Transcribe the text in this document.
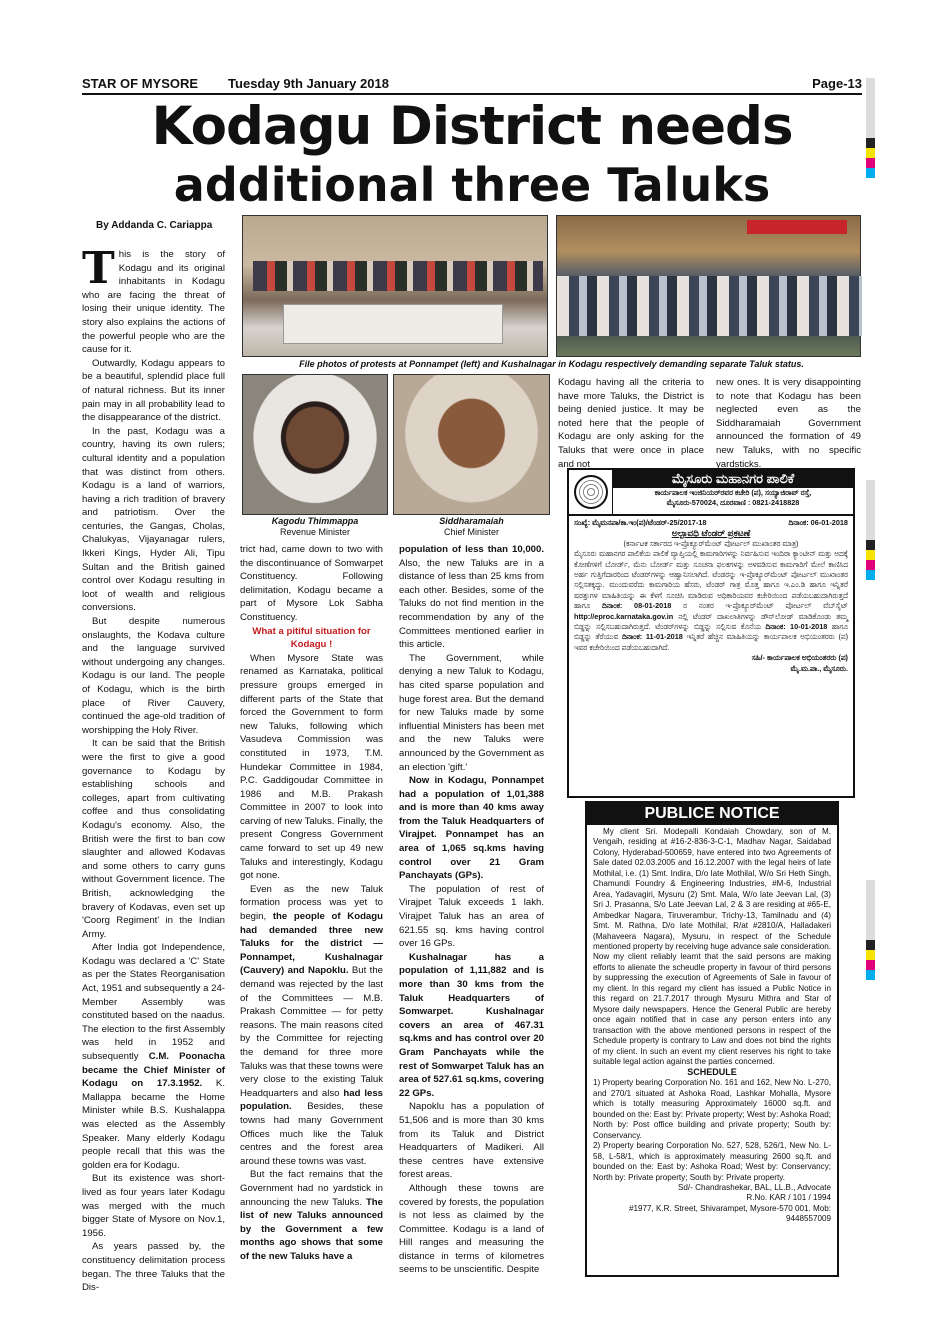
STAR OF MYSORE Tuesday 9th January 2018	Page-13
Kodagu District needs
additional three Taluks
By Addanda C. Cariappa

This is the story of Kodagu and its original inhabitants in Kodagu who are facing the threat of losing their unique identity. The story also explains the actions of the powerful people who are the cause for it.

Outwardly, Kodagu appears to be a beautiful, splendid place full of natural richness. But its inner pain may in all probability lead to the disappearance of the district.

In the past, Kodagu was a country, having its own rulers; cultural identity and a population that was distinct from others. Kodagu is a land of warriors, having a rich tradition of bravery and patriotism. Over the centuries, the Gangas, Cholas, Chalukyas, Vijayanagar rulers, Ikkeri Kings, Hyder Ali, Tipu Sultan and the British gained control over Kodagu resulting in loot of wealth and religious conversions.

But despite numerous onslaughts, the Kodava culture and the language survived without undergoing any changes. Kodagu is our land. The people of Kodagu, which is the birth place of River Cauvery, continued the age-old tradition of worshipping the Holy River.

It can be said that the British were the first to give a good governance to Kodagu by establishing schools and colleges, apart from cultivating coffee and thus consolidating Kodagu's economy. Also, the British were the first to ban cow slaughter and allowed Kodavas and some others to carry guns without Government licence. The British, acknowledging the bravery of Kodavas, even set up 'Coorg Regiment' in the Indian Army.

After India got Independence, Kodagu was declared a 'C' State as per the States Reorganisation Act, 1951 and subsequently a 24-Member Assembly was constituted based on the naadus. The election to the first Assembly was held in 1952 and subsequently C.M. Poonacha became the Chief Minister of Kodagu on 17.3.1952. K. Mallappa became the Home Minister while B.S. Kushalappa was elected as the Assembly Speaker. Many elderly Kodagu people recall that this was the golden era for Kodagu.

But its existence was short-lived as four years later Kodagu was merged with the much bigger State of Mysore on Nov.1, 1956.

As years passed by, the constituency delimitation process began. The three Taluks that the Dis-

File photos of protests at Ponnampet (left) and Kushalnagar in Kodagu respectively demanding separate Taluk status.
Kagodu Thimmappa
Revenue Minister
Siddharamaiah
Chief Minister

trict had, came down to two with the discontinuance of Somwarpet Constituency. Following delimitation, Kodagu became a part of Mysore Lok Sabha Constituency.

What a pitiful situation for Kodagu !

When Mysore State was renamed as Karnataka, political pressure groups emerged in different parts of the State that forced the Government to form new Taluks, following which Vasudeva Commission was constituted in 1973, T.M. Hundekar Committee in 1984, P.C. Gaddigoudar Committee in 1986 and M.B. Prakash Committee in 2007 to look into carving of new Taluks. Finally, the present Congress Government came forward to set up 49 new Taluks and interestingly, Kodagu got none.

Even as the new Taluk formation process was yet to begin, the people of Kodagu had demanded three new Taluks for the district — Ponnampet, Kushalnagar (Cauvery) and Napoklu. But the demand was rejected by the last of the Committees — M.B. Prakash Committee — for petty reasons. The main reasons cited by the Committee for rejecting the demand for three more Taluks was that these towns were very close to the existing Taluk Headquarters and also had less population. Besides, these towns had many Government Offices much like the Taluk centres and the forest area around these towns was vast.

But the fact remains that the Government had no yardstick in announcing the new Taluks. The list of new Taluks announced by the Government a few months ago shows that some of the new Taluks have a

population of less than 10,000. Also, the new Taluks are in a distance of less than 25 kms from each other. Besides, some of the Taluks do not find mention in the recommendation by any of the Committees mentioned earlier in this article.

The Government, while denying a new Taluk to Kodagu, has cited sparse population and huge forest area. But the demand for new Taluks made by some influential Ministers has been met and the new Taluks were announced by the Government as an election 'gift.'

Now in Kodagu, Ponnampet had a population of 1,01,388 and is more than 40 kms away from the Taluk Headquarters of Virajpet. Ponnampet has an area of 1,065 sq.kms having control over 21 Gram Panchayats (GPs).

The population of rest of Virajpet Taluk exceeds 1 lakh. Virajpet Taluk has an area of 621.55 sq. kms having control over 16 GPs.

Kushalnagar has a population of 1,11,882 and is more than 30 kms from the Taluk Headquarters of Somwarpet. Kushalnagar covers an area of 467.31 sq.kms and has control over 20 Gram Panchayats while the rest of Somwarpet Taluk has an area of 527.61 sq.kms, covering 22 GPs.

Napoklu has a population of 51,506 and is more than 30 kms from its Taluk and District Headquarters of Madikeri. All these centres have extensive forest areas.

Although these towns are covered by forests, the population is not less as claimed by the Committee. Kodagu is a land of Hill ranges and measuring the distance in terms of kilometres seems to be unscientific. Despite

Kodagu having all the criteria to have more Taluks, the District is being denied justice. It may be noted here that the people of Kodagu are only asking for the Taluks that were once in place and not

new ones. It is very disappointing to note that Kodagu has been neglected even as the Siddharamaiah Government announced the formation of 49 new Taluks, with no specific yardsticks.

ಮೈಸೂರು ಮಹಾನಗರ ಪಾಲಿಕೆ
ಕಾರ್ಯಪಾಲಕ ಇಂಜಿನಿಯರ್‌ರವರ ಕಚೇರಿ (ಪ), ಸಯ್ಯಾಜಿರಾವ್ ರಸ್ತೆ,
ಮೈಸೂರು-570024, ದೂರವಾಣಿ : 0821-2418828
ಸಂಖ್ಯೆ: ಮೈಮನಪಾ/ಕಾ.ಇಂ(ಪ)/ಟೆಂಡರ್-25/2017-18	ದಿನಾಂಕ: 06-01-2018
ಅಲ್ಪಾವಧಿ ಟೆಂಡರ್ ಪ್ರಕಟಣೆ
(ಕರ್ನಾಟಕ ಸರ್ಕಾರದ ಇ-ಪ್ರೊಕ್ಯೂರ್‌ಮೆಂಟ್ ಪೋರ್ಟಲ್ ಮುಖಾಂತರ ಮಾತ್ರ)
ಮೈಸೂರು ಮಹಾನಗರ ಪಾಲಿಕೆಯ ಪಾಲಿಕೆ ವ್ಯಾಪ್ತಿಯಲ್ಲಿ ಕಾಮಗಾರಿಗಳನ್ನು ನಿರ್ವಹಿಸುವ ಇಂದಿರಾ ಕ್ಯಾಂಟೀನ್ ಮತ್ತು ಅದಕ್ಕೆ ಕೋಣೆಗಳಿಗೆ ಬೋರ್ಡ್, ಮೆನು ಬೋರ್ಡ್ ಮತ್ತು ಸೂಚನಾ ಫಲಕಗಳನ್ನು ಅಳವಡಿಸುವ ಕಾಮಗಾರಿಗೆ ಮೇಲೆ ಕಾಣಿಸಿದ ಅರ್ಹ ಗುತ್ತಿಗೆದಾರರಿಂದ ಟೆಂಡರ್‌ಗಳನ್ನು ಆಹ್ವಾನಿಸಲಾಗಿದೆ. ಟೆಂಡರನ್ನು ಇ-ಪ್ರೊಕ್ಯೂರ್‌ಮೆಂಟ್ ಪೋರ್ಟಲ್ ಮುಖಾಂತರ ಸಲ್ಲಿಸತಕ್ಕದ್ದು. ಮುಂದುವರೆದು ಕಾಮಗಾರಿಯ ಹೆಸರು, ಟೆಂಡರ್ ಗಾತ್ರ ಮೊತ್ತ ಹಾಗೂ ಇ.ಎಂ.ಡಿ ಹಾಗೂ ಇನ್ನಿತರೆ ಷರತ್ತುಗಳ ಮಾಹಿತಿಯನ್ನು ಈ ಕೆಳಗೆ ಸೂಚಿಸಿ ಮಾಡಿರುವ ಅಧಿಕಾರಿಯವರ ಕಚೇರಿಯಿಂದ ಪಡೆಯಬಹುದಾಗಿರುತ್ತದೆ ಹಾಗೂ ದಿನಾಂಕ: 08-01-2018 ರ ನಂತರ ಇ-ಪ್ರೊಕ್ಯೂರ್‌ಮೆಂಟ್ ಪೋರ್ಟಲ್ ವೆಬ್‌ಸೈಟ್ http://eproc.karnataka.gov.in ನಲ್ಲಿ ಟೆಂಡರ್ ದಾಖಲಾತಿಗಳನ್ನು ಡೌನ್‌ಲೋಡ್ ಮಾಡಿಕೊಂಡು ತಮ್ಮ ಬಿಡ್ಡನ್ನು ಸಲ್ಲಿಸಬಹುದಾಗಿರುತ್ತದೆ. ಟೆಂಡರ್‌ಗಳನ್ನು ಬಿಡ್ಡನ್ನು ಸಲ್ಲಿಸುವ ಕೊನೆಯ ದಿನಾಂಕ: 10-01-2018 ಹಾಗೂ ಬಿಡ್ಡನ್ನು ತೆರೆಯುವ ದಿನಾಂಕ: 11-01-2018 ಇನ್ನಿತರೆ ಹೆಚ್ಚಿನ ಮಾಹಿತಿಯನ್ನು ಕಾರ್ಯಪಾಲಕ ಅಭಿಯಂತರರು (ಪ) ಇವರ ಕಚೇರಿಯಿಂದ ಪಡೆಯಬಹುದಾಗಿದೆ.
ಸಹಿ/- ಕಾರ್ಯಪಾಲಕ ಅಭಿಯಂತರರು (ಪ)
ಮೈ.ಮ.ಪಾ., ಮೈಸೂರು.
PUBLICE NOTICE

My client Sri. Modepalli Kondaiah Chowdary, son of M. Vengaih, residing at #16-2-836-3-C-1, Madhav Nagar, Saidabad Colony, Hyderabad-500659, have entered into two Agreements of Sale dated 02.03.2005 and 16.12.2007 with the legal heirs of late Mothilal, i.e. (1) Smt. Indira, D/o late Mothilal, W/o Sri Heth Singh, Chamundi Foundry & Engineering Industries, #M-6, Industrial Area, Yadavagiri, Mysuru (2) Smt. Mala, W/o late Jeevan Lal, (3) Sri J. Prasanna, S/o Late Jeevan Lal, 2 & 3 are residing at #65-E, Ambedkar Nagara, Tiruverambur, Trichy-13, Tamilnadu and (4) Smt. M. Rathna, D/o late Mothilal, R/at #2810/A, Halladakeri (Mahaveera Nagara), Mysuru, in respect of the Schedule mentioned property by receiving huge advance sale consideration. Now my client reliably learnt that the said persons are making efforts to alienate the scheudle property in favour of third persons by suppressing the execution of Agreements of Sale in favour of my client. In this regard my client has issued a Public Notice in this regard on 21.7.2017 through Mysuru Mithra and Star of Mysore daily newspapers. Hence the General Public are hereby once again notified that in case any person enters into any transaction with the above mentioned persons in respect of the Schedule property is contrary to Law and does not bind the rights of my client. In such an event my client reserves his right to take suitable legal action against the parties concerned.

SCHEDULE
1) Property bearing Corporation No. 161 and 162, New No. L-270, and 270/1 situated at Ashoka Road, Lashkar Mohalla, Mysore which is totally measuring Approximately 16000 sq.ft. and bounded on the: East by: Private property; West by: Ashoka Road; North by: Post office building and private property; South by: Conservancy.
2) Property bearing Corporation No. 527, 528, 526/1, New No. L-58, L-58/1, which is approximately measuring 2600 sq.ft. and bounded on the: East by: Ashoka Road; West by: Conservancy; North by: Private property; South by: Private property.
Sd/- Chandrashekar, BAL, LL.B., Advocate
R.No. KAR / 101 / 1994
#1977, K.R. Street, Shivarampet, Mysore-570 001. Mob: 9448557009
